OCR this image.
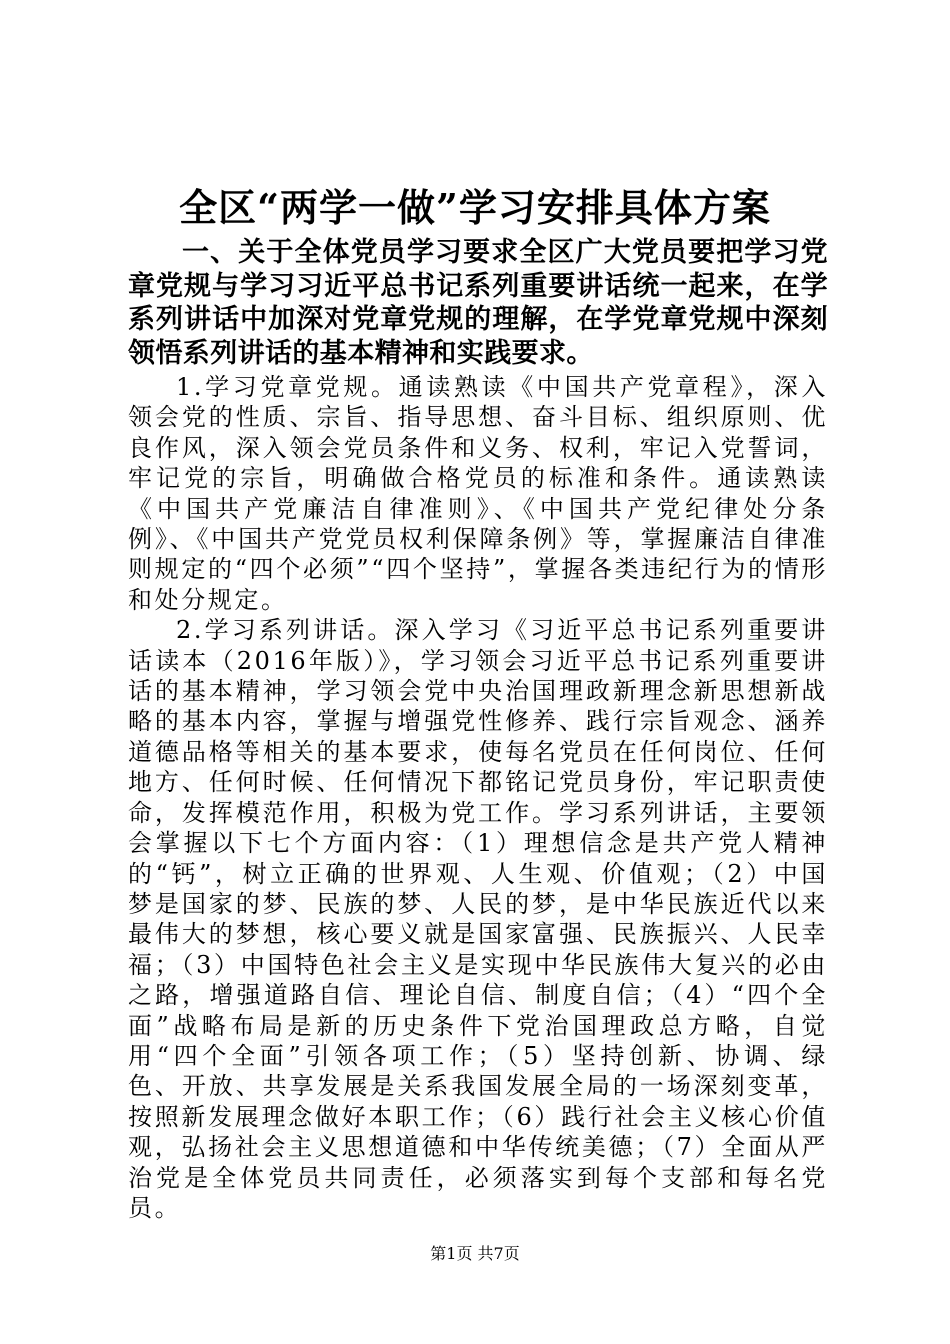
全区“两学一做”学习安排具体方案

一、关于全体党员学习要求全区广大党员要把学习党章党规与学习习近平总书记系列重要讲话统一起来，在学系列讲话中加深对党章党规的理解，在学党章党规中深刻领悟系列讲话的基本精神和实践要求。

1.学习党章党规。通读熟读《中国共产党章程》，深入领会党的性质、宗旨、指导思想、奋斗目标、组织原则、优良作风，深入领会党员条件和义务、权利，牢记入党誓词，牢记党的宗旨，明确做合格党员的标准和条件。通读熟读《中国共产党廉洁自律准则》、《中国共产党纪律处分条例》、《中国共产党党员权利保障条例》等，掌握廉洁自律准则规定的“四个必须”“四个坚持”，掌握各类违纪行为的情形和处分规定。

2.学习系列讲话。深入学习《习近平总书记系列重要讲话读本（2016年版）》，学习领会习近平总书记系列重要讲话的基本精神，学习领会党中央治国理政新理念新思想新战略的基本内容，掌握与增强党性修养、践行宗旨观念、涵养道德品格等相关的基本要求，使每名党员在任何岗位、任何地方、任何时候、任何情况下都铭记党员身份，牢记职责使命，发挥模范作用，积极为党工作。学习系列讲话，主要领会掌握以下七个方面内容：（1）理想信念是共产党人精神的“钙”，树立正确的世界观、人生观、价值观；（2）中国梦是国家的梦、民族的梦、人民的梦，是中华民族近代以来最伟大的梦想，核心要义就是国家富强、民族振兴、人民幸福；（3）中国特色社会主义是实现中华民族伟大复兴的必由之路，增强道路自信、理论自信、制度自信；（4）“四个全面”战略布局是新的历史条件下党治国理政总方略，自觉用“四个全面”引领各项工作；（5）坚持创新、协调、绿色、开放、共享发展是关系我国发展全局的一场深刻变革，按照新发展理念做好本职工作；（6）践行社会主义核心价值观，弘扬社会主义思想道德和中华传统美德；（7）全面从严治党是全体党员共同责任，必须落实到每个支部和每名党员。

第1页 共7页
